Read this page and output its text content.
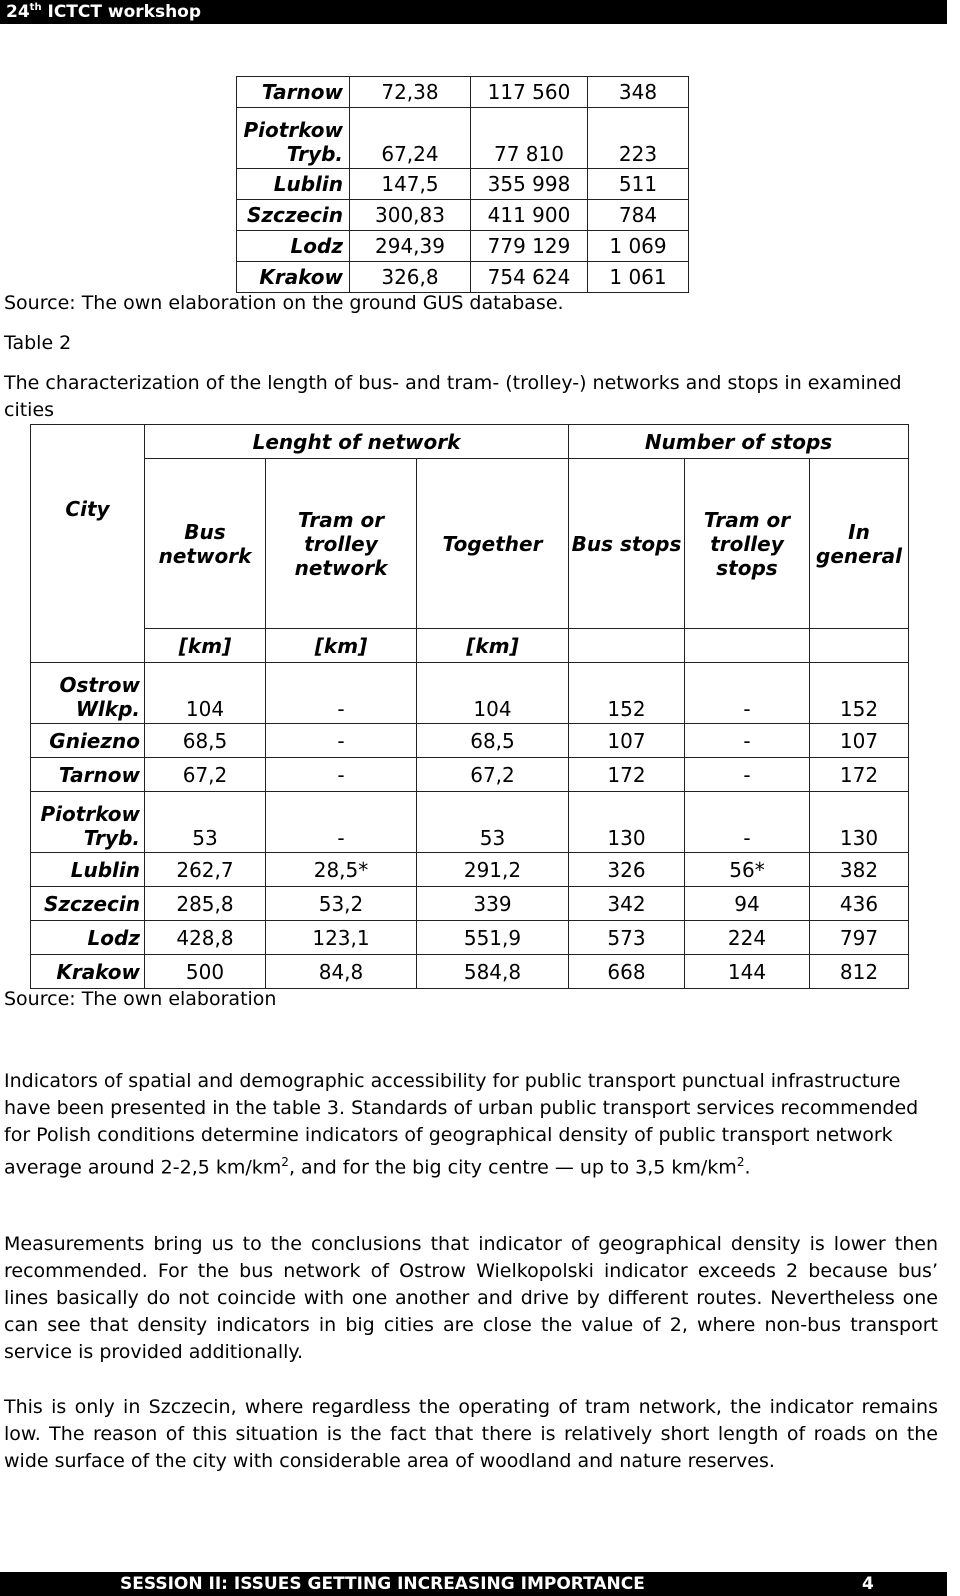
24th ICTCT workshop
Tarnow	72,38	117 560	348
Piotrkow Tryb.	67,24	77 810	223
Lublin	147,5	355 998	511
Szczecin	300,83	411 900	784
Lodz	294,39	779 129	1 069
Krakow	326,8	754 624	1 061
Source: The own elaboration on the ground GUS database.
Table 2
The characterization of the length of bus- and tram- (trolley-) networks and stops in examined cities
City	Lenght of network			Number of stops		
	Bus network	Tram or trolley network	Together	Bus stops	Tram or trolley stops	In general
	[km]	[km]	[km]			
Ostrow Wlkp.	104	-	104	152	-	152
Gniezno	68,5	-	68,5	107	-	107
Tarnow	67,2	-	67,2	172	-	172
Piotrkow Tryb.	53	-	53	130	-	130
Lublin	262,7	28,5*	291,2	326	56*	382
Szczecin	285,8	53,2	339	342	94	436
Lodz	428,8	123,1	551,9	573	224	797
Krakow	500	84,8	584,8	668	144	812
Source: The own elaboration
Indicators of spatial and demographic accessibility for public transport punctual infrastructure have been presented in the table 3. Standards of urban public transport services recommended for Polish conditions determine indicators of geographical density of public transport network average around 2-2,5 $km/km^2$, and for the big city centre — up to 3,5 $km/km^2$.
Measurements bring us to the conclusions that indicator of geographical density is lower then recommended. For the bus network of Ostrow Wielkopolski indicator exceeds 2 because bus’ lines basically do not coincide with one another and drive by different routes. Nevertheless one can see that density indicators in big cities are close the value of 2, where non-bus transport service is provided additionally.
This is only in Szczecin, where regardless the operating of tram network, the indicator remains low. The reason of this situation is the fact that there is relatively short length of roads on the wide surface of the city with considerable area of woodland and nature reserves.
SESSION II: ISSUES GETTING INCREASING IMPORTANCE	4
